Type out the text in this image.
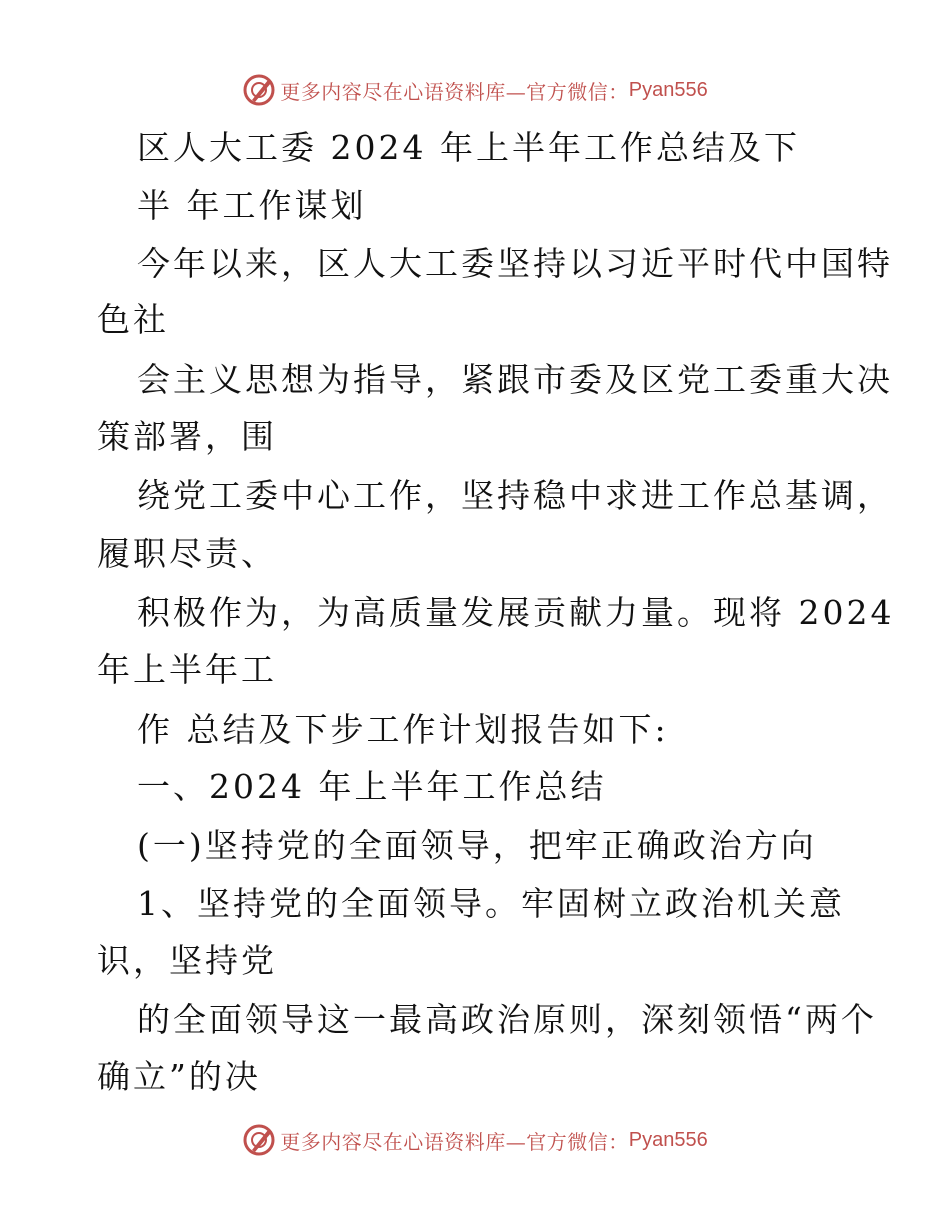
更多内容尽在心语资料库—官方微信： Pyan556
区人大工委 2024 年上半年工作总结及下
半 年工作谋划
今年以来，区人大工委坚持以习近平时代中国特
色社
会主义思想为指导，紧跟市委及区党工委重大决
策部署，围
绕党工委中心工作，坚持稳中求进工作总基调，
履职尽责、
积极作为，为高质量发展贡献力量。现将 2024
年上半年工
作 总结及下步工作计划报告如下:
一、2024 年上半年工作总结
(一)坚持党的全面领导，把牢正确政治方向
1、坚持党的全面领导。牢固树立政治机关意
识，坚持党
的全面领导这一最高政治原则，深刻领悟“两个
确立”的决
更多内容尽在心语资料库—官方微信： Pyan556
